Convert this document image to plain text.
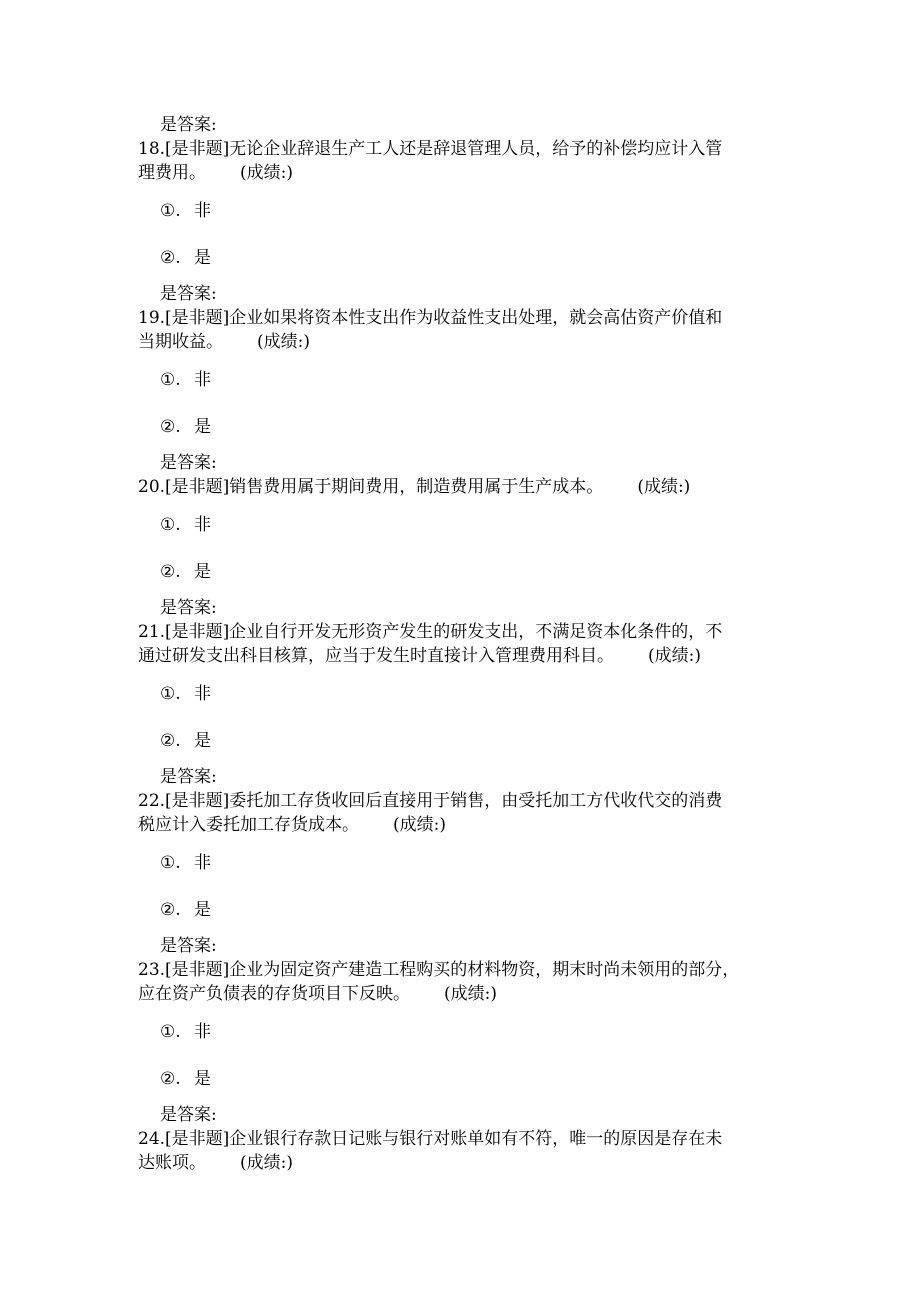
是答案:
18.[是非题]无论企业辞退生产工人还是辞退管理人员，给予的补偿均应计入管
理费用。 (成绩:)
①. 非
②. 是
是答案:
19.[是非题]企业如果将资本性支出作为收益性支出处理，就会高估资产价值和
当期收益。 (成绩:)
①. 非
②. 是
是答案:
20.[是非题]销售费用属于期间费用，制造费用属于生产成本。 (成绩:)
①. 非
②. 是
是答案:
21.[是非题]企业自行开发无形资产发生的研发支出，不满足资本化条件的，不
通过研发支出科目核算，应当于发生时直接计入管理费用科目。 (成绩:)
①. 非
②. 是
是答案:
22.[是非题]委托加工存货收回后直接用于销售，由受托加工方代收代交的消费
税应计入委托加工存货成本。 (成绩:)
①. 非
②. 是
是答案:
23.[是非题]企业为固定资产建造工程购买的材料物资，期末时尚未领用的部分，
应在资产负债表的存货项目下反映。 (成绩:)
①. 非
②. 是
是答案:
24.[是非题]企业银行存款日记账与银行对账单如有不符，唯一的原因是存在未
达账项。 (成绩:)
